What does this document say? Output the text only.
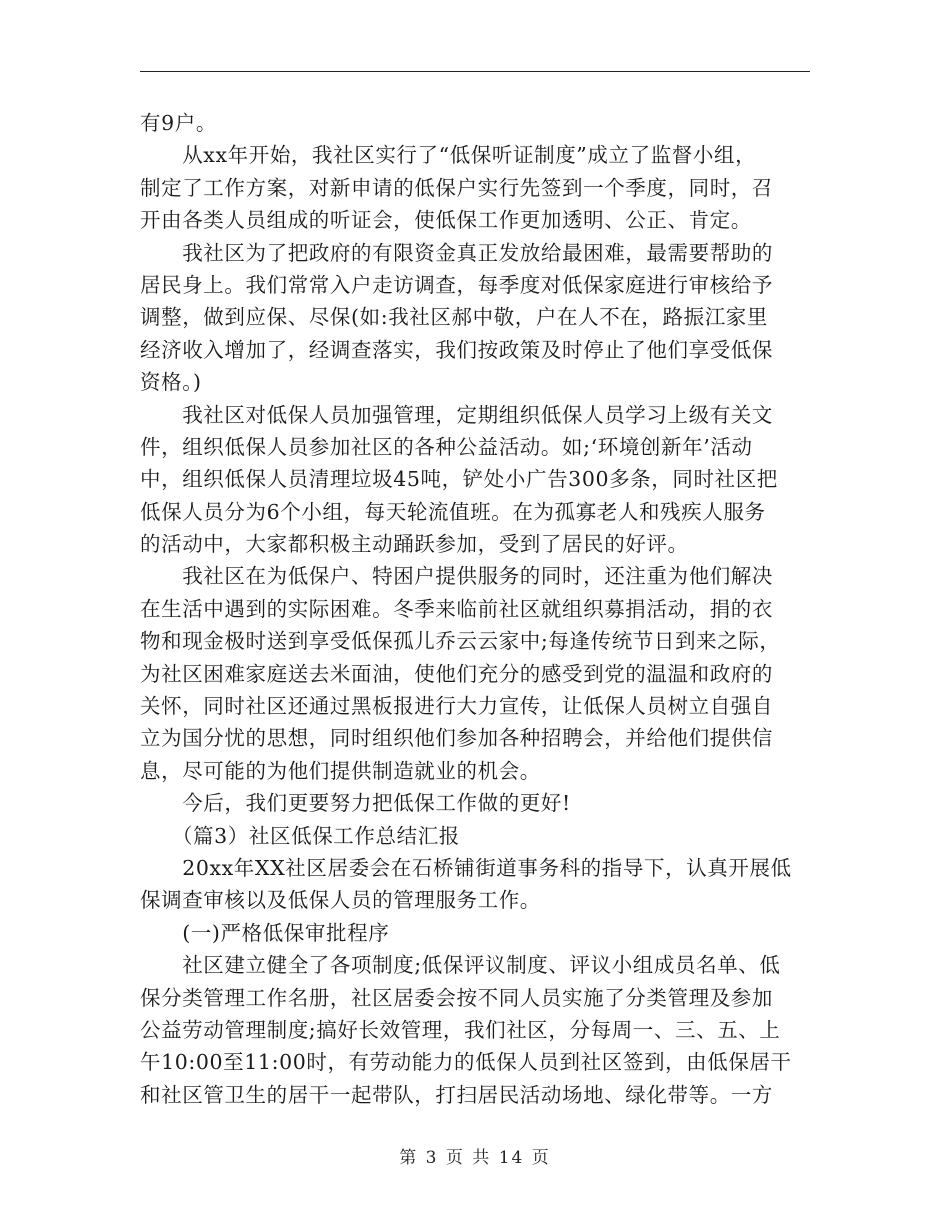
有9户。
　　从xx年开始，我社区实行了“低保听证制度”成立了监督小组，
制定了工作方案，对新申请的低保户实行先签到一个季度，同时，召
开由各类人员组成的听证会，使低保工作更加透明、公正、肯定。
　　我社区为了把政府的有限资金真正发放给最困难，最需要帮助的
居民身上。我们常常入户走访调查，每季度对低保家庭进行审核给予
调整，做到应保、尽保(如:我社区郝中敬，户在人不在，路振江家里
经济收入增加了，经调查落实，我们按政策及时停止了他们享受低保
资格。)
　　我社区对低保人员加强管理，定期组织低保人员学习上级有关文
件，组织低保人员参加社区的各种公益活动。如;‘环境创新年’活动
中，组织低保人员清理垃圾45吨，铲处小广告300多条，同时社区把
低保人员分为6个小组，每天轮流值班。在为孤寡老人和残疾人服务
的活动中，大家都积极主动踊跃参加，受到了居民的好评。
　　我社区在为低保户、特困户提供服务的同时，还注重为他们解决
在生活中遇到的实际困难。冬季来临前社区就组织募捐活动，捐的衣
物和现金极时送到享受低保孤儿乔云云家中;每逢传统节日到来之际，
为社区困难家庭送去米面油，使他们充分的感受到党的温温和政府的
关怀，同时社区还通过黑板报进行大力宣传，让低保人员树立自强自
立为国分忧的思想，同时组织他们参加各种招聘会，并给他们提供信
息，尽可能的为他们提供制造就业的机会。
　　今后，我们更要努力把低保工作做的更好!
　　（篇3）社区低保工作总结汇报
　　20xx年XX社区居委会在石桥铺街道事务科的指导下，认真开展低
保调查审核以及低保人员的管理服务工作。
　　(一)严格低保审批程序
　　社区建立健全了各项制度;低保评议制度、评议小组成员名单、低
保分类管理工作名册，社区居委会按不同人员实施了分类管理及参加
公益劳动管理制度;搞好长效管理，我们社区，分每周一、三、五、上
午10:00至11:00时，有劳动能力的低保人员到社区签到，由低保居干
和社区管卫生的居干一起带队，打扫居民活动场地、绿化带等。一方
第 3 页 共 14 页
